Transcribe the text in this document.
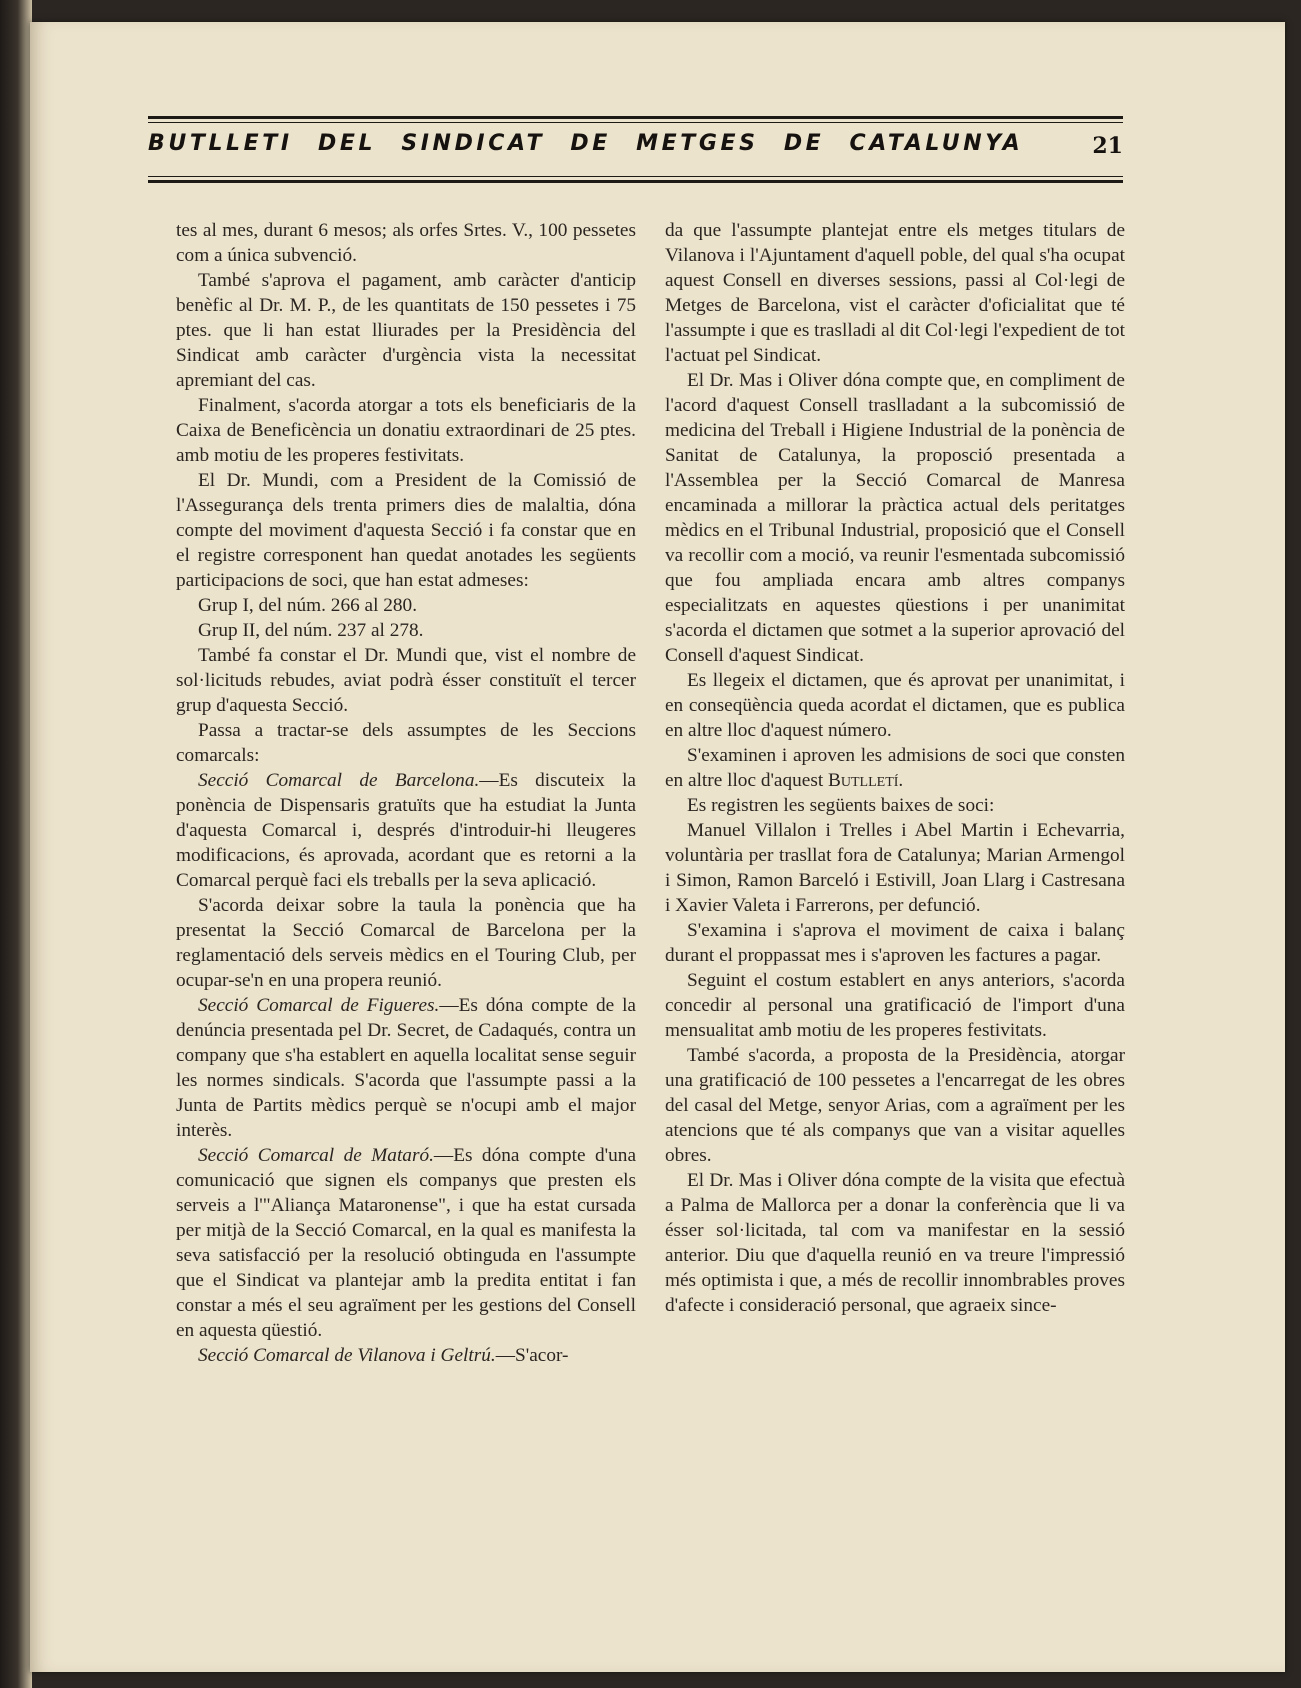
BUTLLETI DEL SINDICAT DE METGES DE CATALUNYA	21

tes al mes, durant 6 mesos; als orfes Srtes. V., 100 pessetes com a única subvenció.

També s'aprova el pagament, amb caràcter d'anticip benèfic al Dr. M. P., de les quantitats de 150 pessetes i 75 ptes. que li han estat lliurades per la Presidència del Sindicat amb caràcter d'urgència vista la necessitat apremiant del cas.

Finalment, s'acorda atorgar a tots els beneficiaris de la Caixa de Beneficència un donatiu extraordinari de 25 ptes. amb motiu de les properes festivitats.

El Dr. Mundi, com a President de la Comissió de l'Assegurança dels trenta primers dies de malaltia, dóna compte del moviment d'aquesta Secció i fa constar que en el registre corresponent han quedat anotades les següents participacions de soci, que han estat admeses:

Grup I, del núm. 266 al 280.

Grup II, del núm. 237 al 278.

També fa constar el Dr. Mundi que, vist el nombre de sol·licituds rebudes, aviat podrà ésser constituït el tercer grup d'aquesta Secció.

Passa a tractar-se dels assumptes de les Seccions comarcals:

Secció Comarcal de Barcelona.—Es discuteix la ponència de Dispensaris gratuïts que ha estudiat la Junta d'aquesta Comarcal i, després d'introduir-hi lleugeres modificacions, és aprovada, acordant que es retorni a la Comarcal perquè faci els treballs per la seva aplicació.

S'acorda deixar sobre la taula la ponència que ha presentat la Secció Comarcal de Barcelona per la reglamentació dels serveis mèdics en el Touring Club, per ocupar-se'n en una propera reunió.

Secció Comarcal de Figueres.—Es dóna compte de la denúncia presentada pel Dr. Secret, de Cadaqués, contra un company que s'ha establert en aquella localitat sense seguir les normes sindicals. S'acorda que l'assumpte passi a la Junta de Partits mèdics perquè se n'ocupi amb el major interès.

Secció Comarcal de Mataró.—Es dóna compte d'una comunicació que signen els companys que presten els serveis a l'"Aliança Mataronense", i que ha estat cursada per mitjà de la Secció Comarcal, en la qual es manifesta la seva satisfacció per la resolució obtinguda en l'assumpte que el Sindicat va plantejar amb la predita entitat i fan constar a més el seu agraïment per les gestions del Consell en aquesta qüestió.

Secció Comarcal de Vilanova i Geltrú.—S'acor-

da que l'assumpte plantejat entre els metges titulars de Vilanova i l'Ajuntament d'aquell poble, del qual s'ha ocupat aquest Consell en diverses sessions, passi al Col·legi de Metges de Barcelona, vist el caràcter d'oficialitat que té l'assumpte i que es traslladi al dit Col·legi l'expedient de tot l'actuat pel Sindicat.

El Dr. Mas i Oliver dóna compte que, en compliment de l'acord d'aquest Consell traslladant a la subcomissió de medicina del Treball i Higiene Industrial de la ponència de Sanitat de Catalunya, la proposció presentada a l'Assemblea per la Secció Comarcal de Manresa encaminada a millorar la pràctica actual dels peritatges mèdics en el Tribunal Industrial, proposició que el Consell va recollir com a moció, va reunir l'esmentada subcomissió que fou ampliada encara amb altres companys especialitzats en aquestes qüestions i per unanimitat s'acorda el dictamen que sotmet a la superior aprovació del Consell d'aquest Sindicat.

Es llegeix el dictamen, que és aprovat per unanimitat, i en conseqüència queda acordat el dictamen, que es publica en altre lloc d'aquest número.

S'examinen i aproven les admisions de soci que consten en altre lloc d'aquest Butlletí.

Es registren les següents baixes de soci:

Manuel Villalon i Trelles i Abel Martin i Echevarria, voluntària per trasllat fora de Catalunya; Marian Armengol i Simon, Ramon Barceló i Estivill, Joan Llarg i Castresana i Xavier Valeta i Farrerons, per defunció.

S'examina i s'aprova el moviment de caixa i balanç durant el proppassat mes i s'aproven les factures a pagar.

Seguint el costum establert en anys anteriors, s'acorda concedir al personal una gratificació de l'import d'una mensualitat amb motiu de les properes festivitats.

També s'acorda, a proposta de la Presidència, atorgar una gratificació de 100 pessetes a l'encarregat de les obres del casal del Metge, senyor Arias, com a agraïment per les atencions que té als companys que van a visitar aquelles obres.

El Dr. Mas i Oliver dóna compte de la visita que efectuà a Palma de Mallorca per a donar la conferència que li va ésser sol·licitada, tal com va manifestar en la sessió anterior. Diu que d'aquella reunió en va treure l'impressió més optimista i que, a més de recollir innombrables proves d'afecte i consideració personal, que agraeix since-
